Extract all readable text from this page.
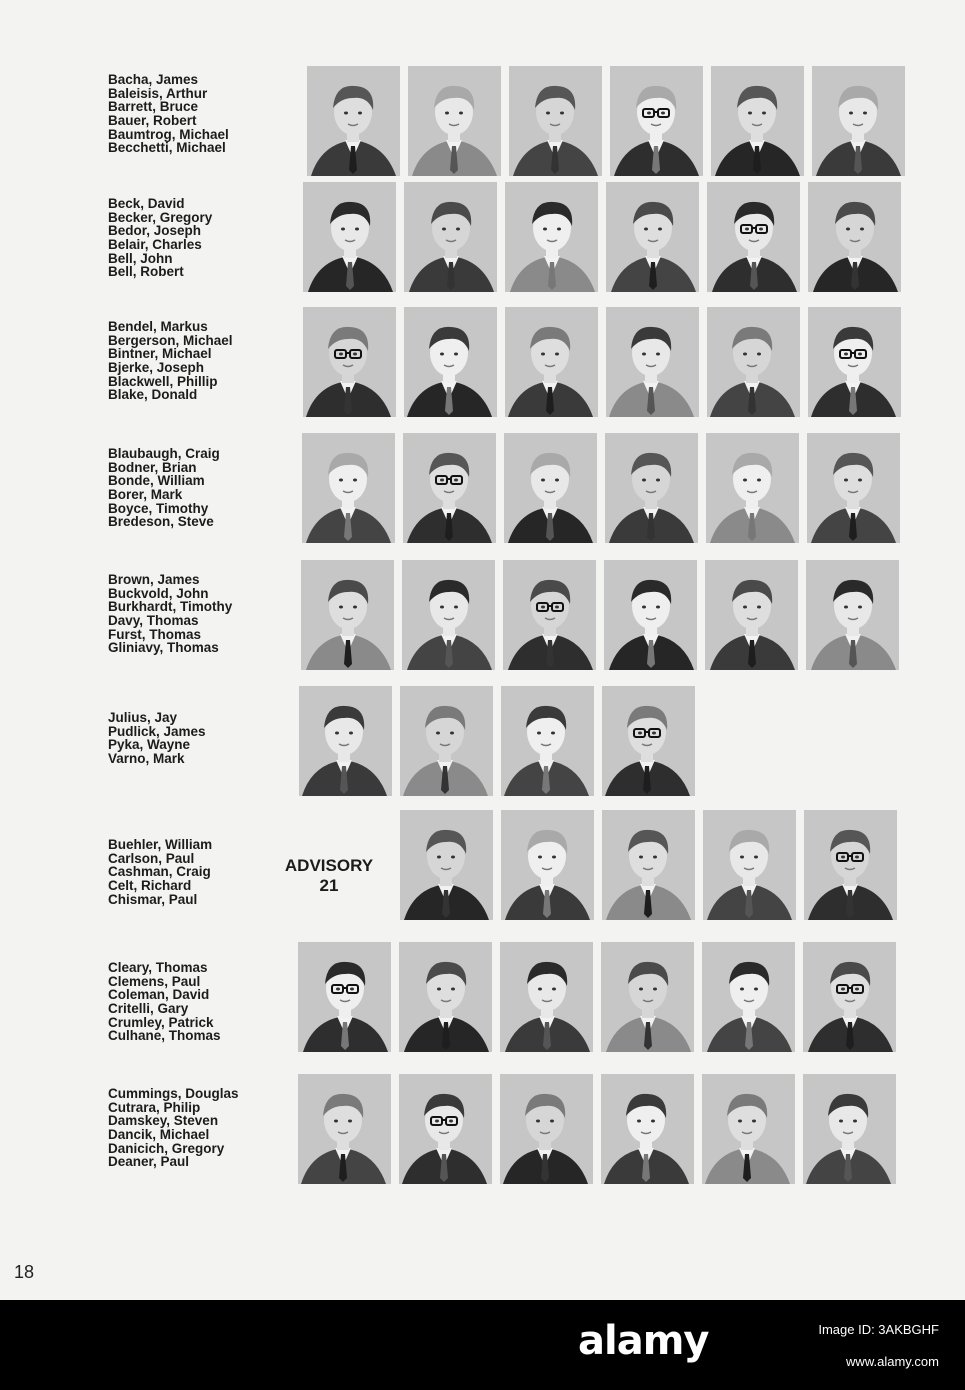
Bacha, James
Baleisis, Arthur
Barrett, Bruce
Bauer, Robert
Baumtrog, Michael
Becchetti, Michael
Beck, David
Becker, Gregory
Bedor, Joseph
Belair, Charles
Bell, John
Bell, Robert
Bendel, Markus
Bergerson, Michael
Bintner, Michael
Bjerke, Joseph
Blackwell, Phillip
Blake, Donald
Blaubaugh, Craig
Bodner, Brian
Bonde, William
Borer, Mark
Boyce, Timothy
Bredeson, Steve
Brown, James
Buckvold, John
Burkhardt, Timothy
Davy, Thomas
Furst, Thomas
Gliniavy, Thomas
Julius, Jay
Pudlick, James
Pyka, Wayne
Varno, Mark
Buehler, William
Carlson, Paul
Cashman, Craig
Celt, Richard
Chismar, Paul
Cleary, Thomas
Clemens, Paul
Coleman, David
Critelli, Gary
Crumley, Patrick
Culhane, Thomas
Cummings, Douglas
Cutrara, Philip
Damskey, Steven
Dancik, Michael
Danicich, Gregory
Deaner, Paul
ADVISORY
21
18
alamy	Image ID: 3AKBGHF
www.alamy.com
